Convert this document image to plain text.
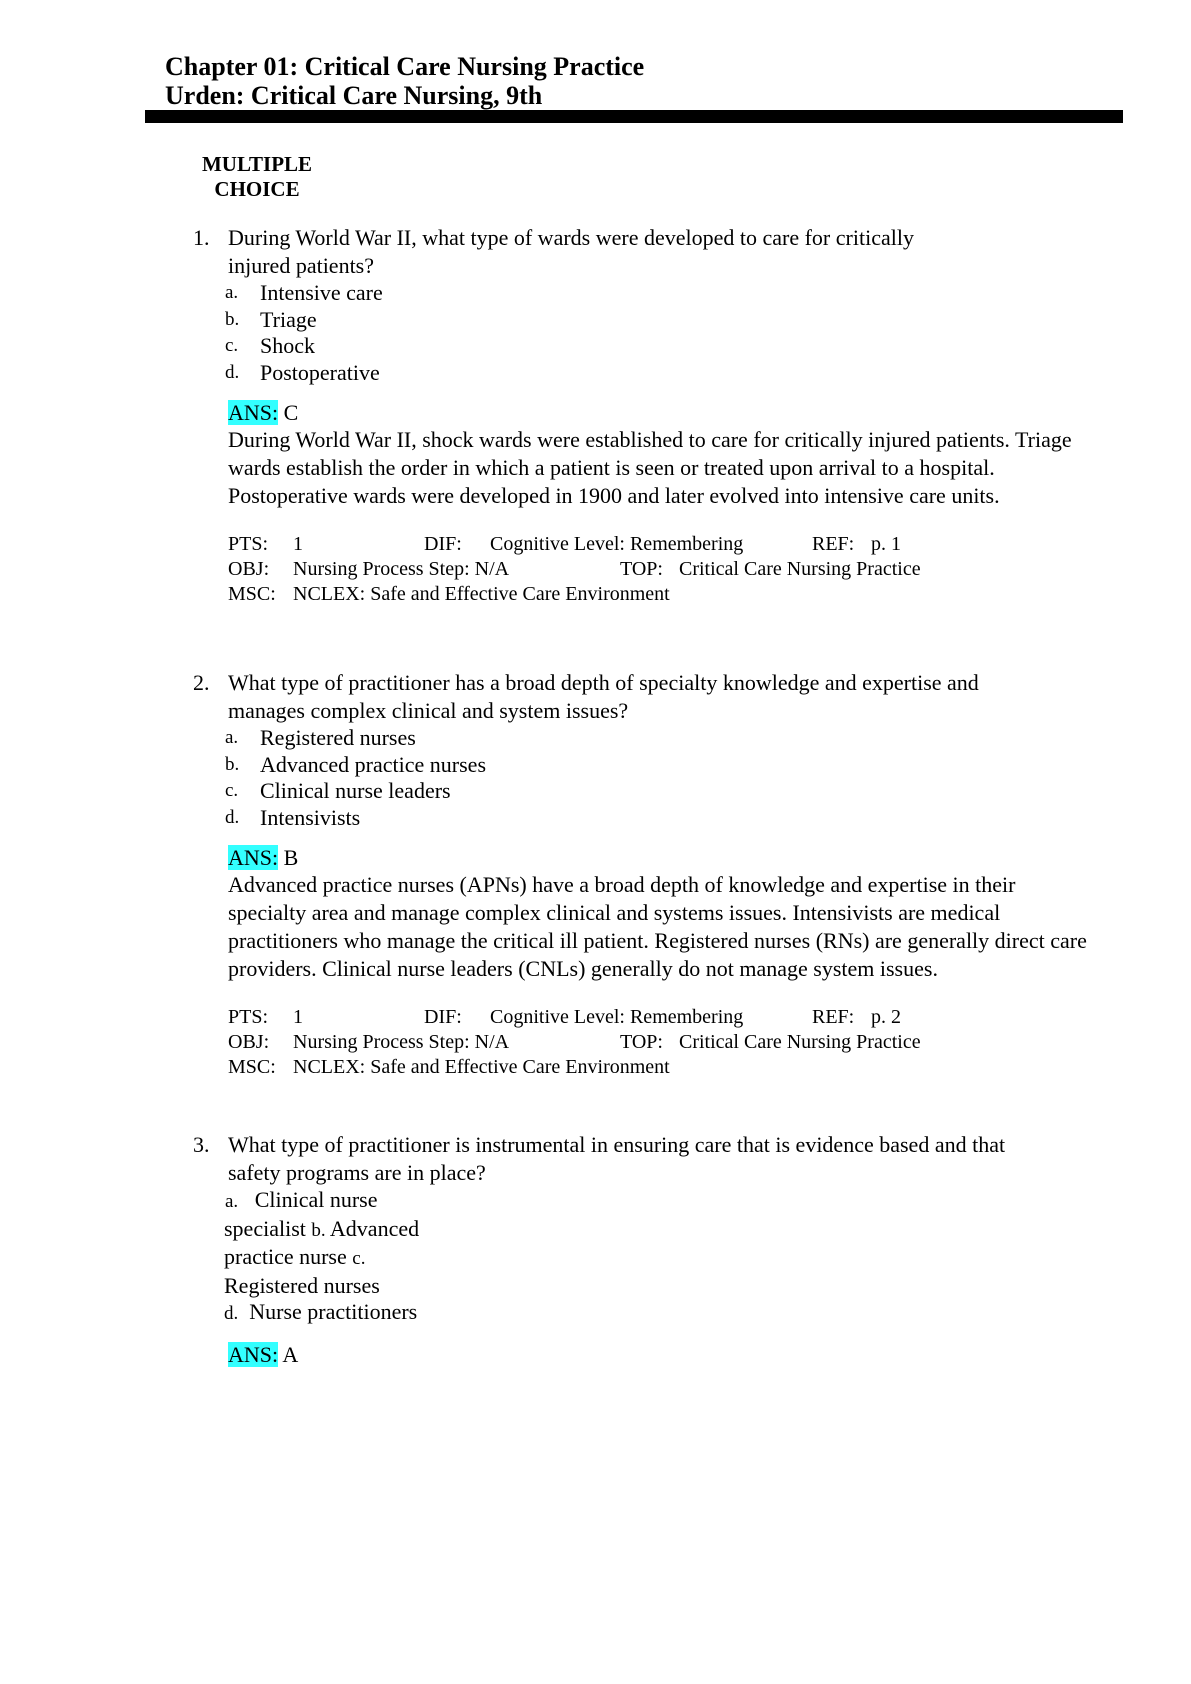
Chapter 01: Critical Care Nursing Practice
Urden: Critical Care Nursing, 9th
MULTIPLE
CHOICE
1. During World War II, what type of wards were developed to care for critically injured patients?
a. Intensive care
b. Triage
c. Shock
d. Postoperative
ANS: C
During World War II, shock wards were established to care for critically injured patients. Triage wards establish the order in which a patient is seen or treated upon arrival to a hospital. Postoperative wards were developed in 1900 and later evolved into intensive care units.
PTS: 1	DIF: Cognitive Level: Remembering	REF: p. 1
OBJ: Nursing Process Step: N/A	TOP: Critical Care Nursing Practice
MSC: NCLEX: Safe and Effective Care Environment
2. What type of practitioner has a broad depth of specialty knowledge and expertise and manages complex clinical and system issues?
a. Registered nurses
b. Advanced practice nurses
c. Clinical nurse leaders
d. Intensivists
ANS: B
Advanced practice nurses (APNs) have a broad depth of knowledge and expertise in their specialty area and manage complex clinical and systems issues. Intensivists are medical practitioners who manage the critical ill patient. Registered nurses (RNs) are generally direct care providers. Clinical nurse leaders (CNLs) generally do not manage system issues.
PTS: 1	DIF: Cognitive Level: Remembering	REF: p. 2
OBJ: Nursing Process Step: N/A	TOP: Critical Care Nursing Practice
MSC: NCLEX: Safe and Effective Care Environment
3. What type of practitioner is instrumental in ensuring care that is evidence based and that safety programs are in place?
a. Clinical nurse specialist b. Advanced practice nurse c. Registered nurses
d. Nurse practitioners
ANS: A
